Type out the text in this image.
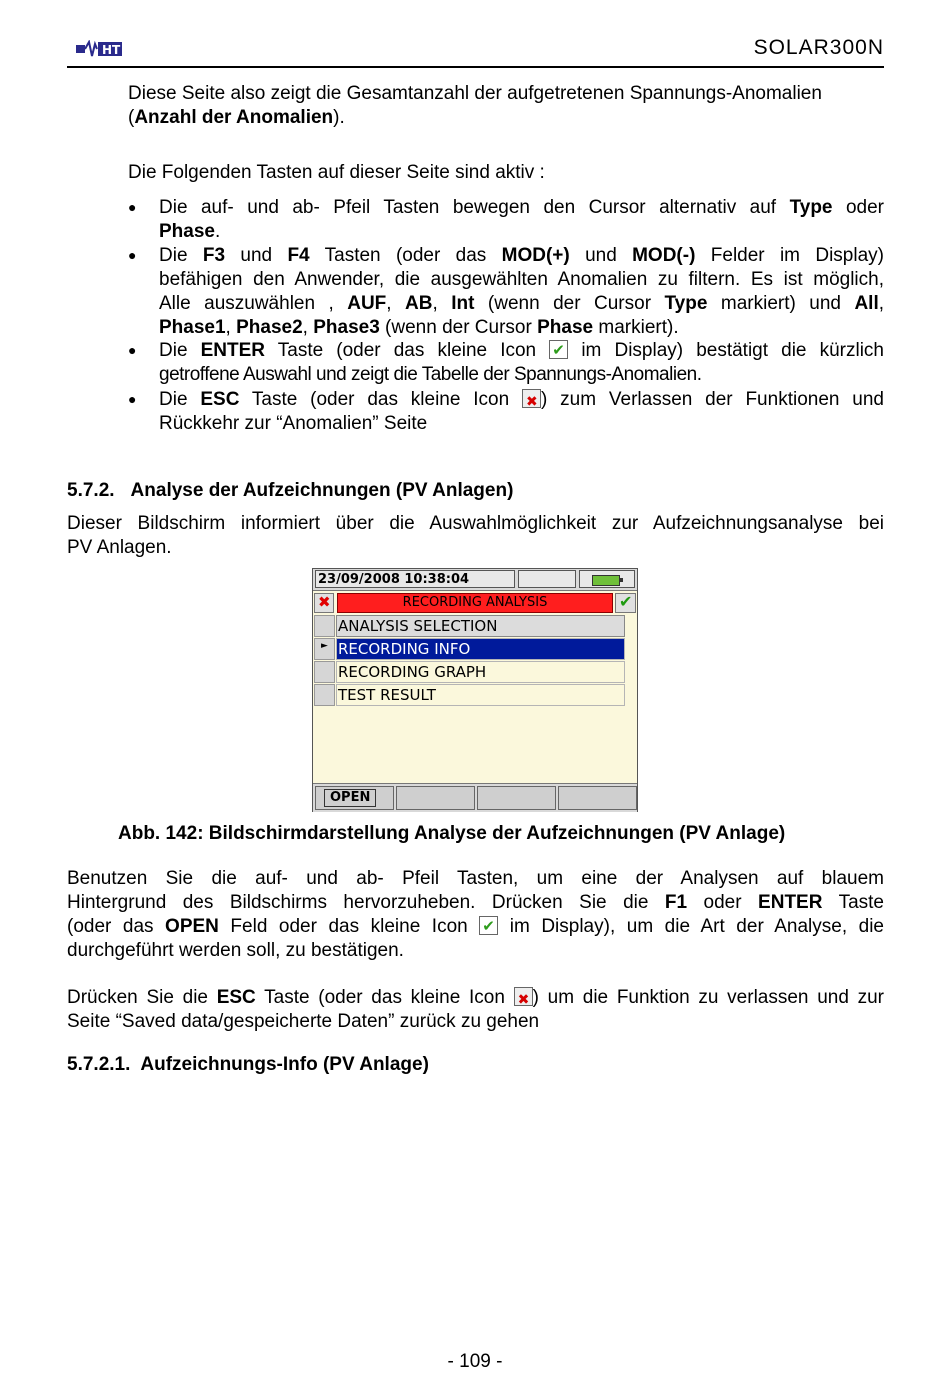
HT	SOLAR300N
Diese Seite also zeigt die Gesamtanzahl der aufgetretenen Spannungs-Anomalien
(Anzahl der Anomalien).
Die Folgenden Tasten auf dieser Seite sind aktiv :
● Die auf- und ab- Pfeil Tasten bewegen den Cursor alternativ auf Type oder
Phase.
● Die F3 und F4 Tasten (oder das MOD(+) und MOD(-) Felder im Display)
befähigen den Anwender, die ausgewählten Anomalien zu filtern. Es ist möglich,
Alle auszuwählen , AUF, AB, Int (wenn der Cursor Type markiert) und All,
Phase1, Phase2, Phase3 (wenn der Cursor Phase markiert).
● Die ENTER Taste (oder das kleine Icon ✔ im Display) bestätigt die kürzlich
getroffene Auswahl und zeigt die Tabelle der Spannungs-Anomalien.
● Die ESC Taste (oder das kleine Icon ✖) zum Verlassen der Funktionen und
Rückkehr zur “Anomalien” Seite
5.7.2. Analyse der Aufzeichnungen (PV Anlagen)
Dieser Bildschirm informiert über die Auswahlmöglichkeit zur Aufzeichnungsanalyse bei
PV Anlagen.
23/09/2008 10:38:04
✖
RECORDING ANALYSIS
✔
ANALYSIS SELECTION
► RECORDING INFO
RECORDING GRAPH
TEST RESULT
OPEN
Abb. 142: Bildschirmdarstellung Analyse der Aufzeichnungen (PV Anlage)
Benutzen Sie die auf- und ab- Pfeil Tasten, um eine der Analysen auf blauem
Hintergrund des Bildschirms hervorzuheben. Drücken Sie die F1 oder ENTER Taste
(oder das OPEN Feld oder das kleine Icon ✔ im Display), um die Art der Analyse, die
durchgeführt werden soll, zu bestätigen.
Drücken Sie die ESC Taste (oder das kleine Icon ✖) um die Funktion zu verlassen und zur
Seite “Saved data/gespeicherte Daten” zurück zu gehen
5.7.2.1. Aufzeichnungs-Info (PV Anlage)
- 109 -
